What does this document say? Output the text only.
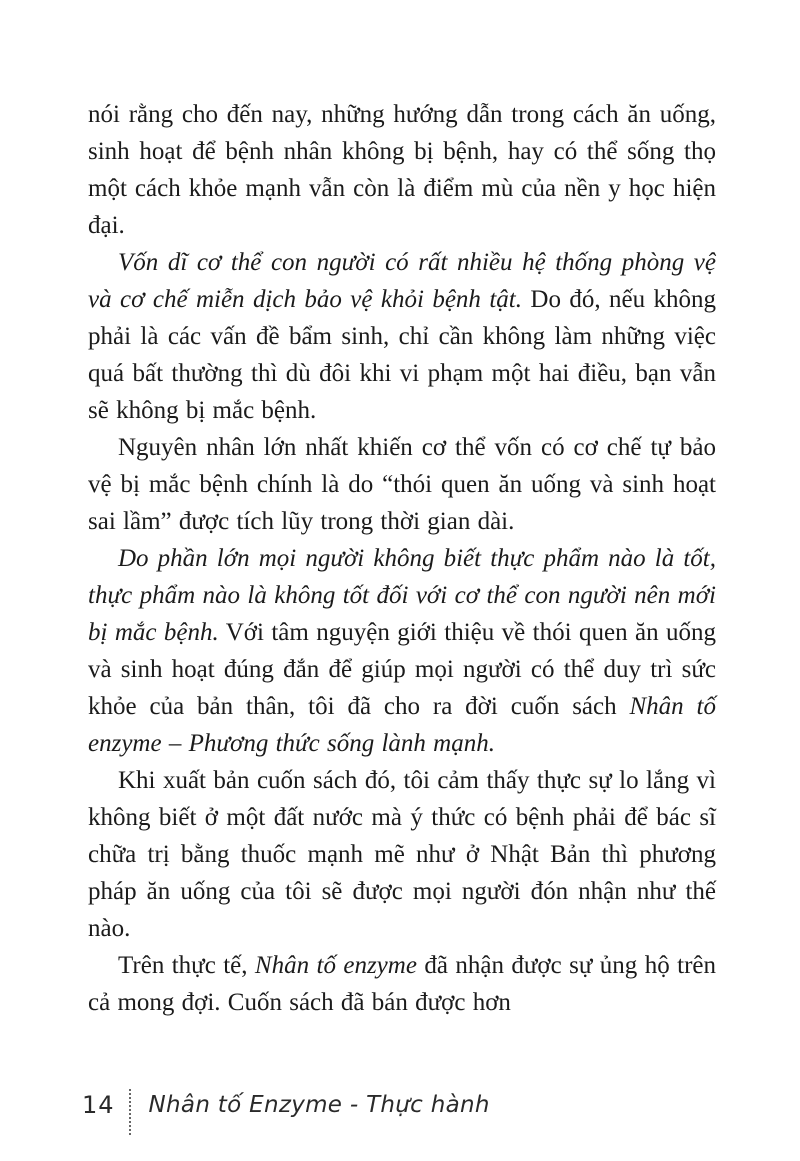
nói rằng cho đến nay, những hướng dẫn trong cách ăn uống, sinh hoạt để bệnh nhân không bị bệnh, hay có thể sống thọ một cách khỏe mạnh vẫn còn là điểm mù của nền y học hiện đại.

Vốn dĩ cơ thể con người có rất nhiều hệ thống phòng vệ và cơ chế miễn dịch bảo vệ khỏi bệnh tật. Do đó, nếu không phải là các vấn đề bẩm sinh, chỉ cần không làm những việc quá bất thường thì dù đôi khi vi phạm một hai điều, bạn vẫn sẽ không bị mắc bệnh.

Nguyên nhân lớn nhất khiến cơ thể vốn có cơ chế tự bảo vệ bị mắc bệnh chính là do “thói quen ăn uống và sinh hoạt sai lầm” được tích lũy trong thời gian dài.

Do phần lớn mọi người không biết thực phẩm nào là tốt, thực phẩm nào là không tốt đối với cơ thể con người nên mới bị mắc bệnh. Với tâm nguyện giới thiệu về thói quen ăn uống và sinh hoạt đúng đắn để giúp mọi người có thể duy trì sức khỏe của bản thân, tôi đã cho ra đời cuốn sách Nhân tố enzyme – Phương thức sống lành mạnh.

Khi xuất bản cuốn sách đó, tôi cảm thấy thực sự lo lắng vì không biết ở một đất nước mà ý thức có bệnh phải để bác sĩ chữa trị bằng thuốc mạnh mẽ như ở Nhật Bản thì phương pháp ăn uống của tôi sẽ được mọi người đón nhận như thế nào.

Trên thực tế, Nhân tố enzyme đã nhận được sự ủng hộ trên cả mong đợi. Cuốn sách đã bán được hơn

14 Nhân tố Enzyme - Thực hành
